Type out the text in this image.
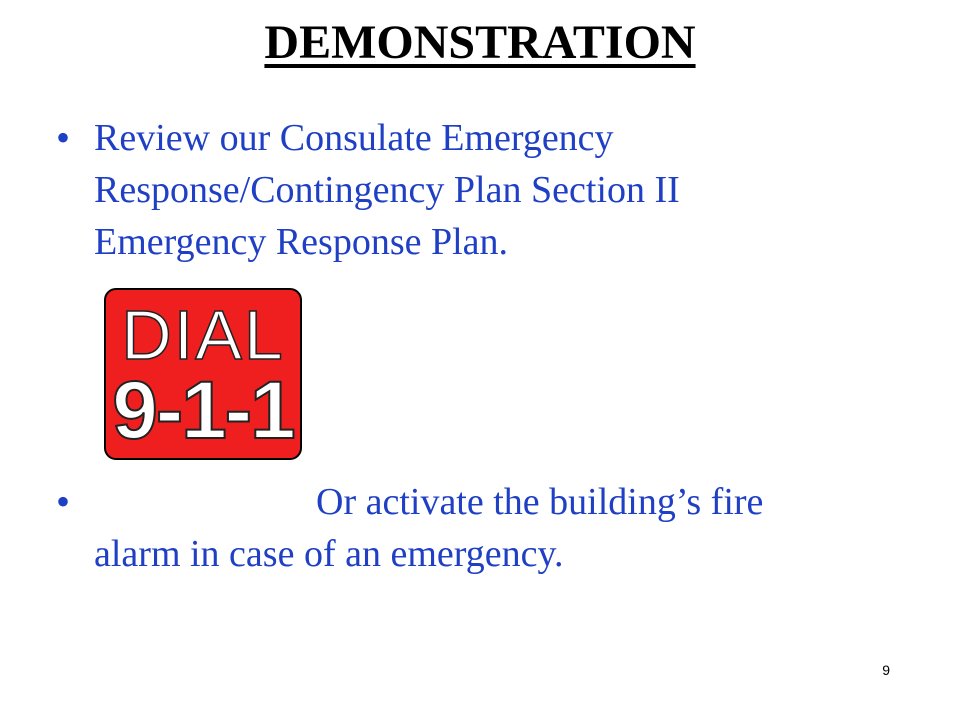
DEMONSTRATION
• Review our Consulate Emergency Response/Contingency Plan Section II Emergency Response Plan.
DIAL
9-1-1
•	Or activate the building’s fire alarm in case of an emergency.
9
